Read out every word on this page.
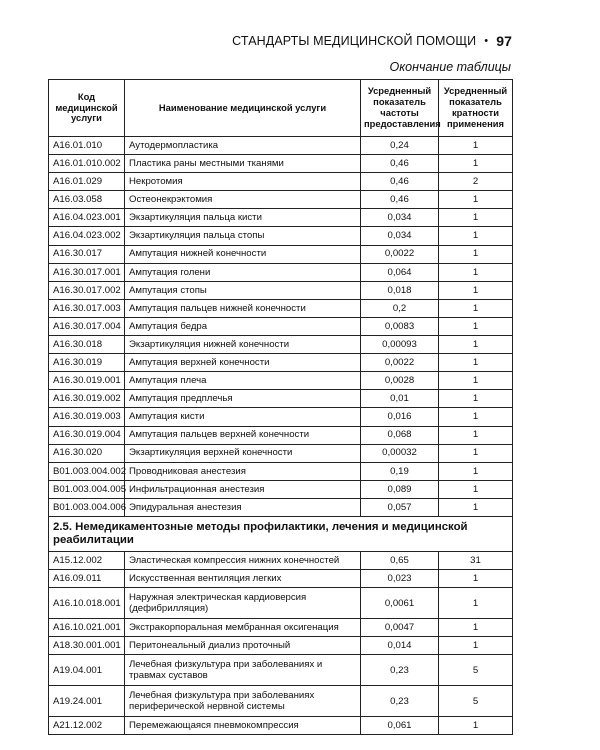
СТАНДАРТЫ МЕДИЦИНСКОЙ ПОМОЩИ • 97
Окончание таблицы
Код медицинской услуги	Наименование медицинской услуги	Усредненный показатель частоты предоставления	Усредненный показатель кратности применения
A16.01.010	Аутодермопластика	0,24	1
A16.01.010.002	Пластика раны местными тканями	0,46	1
A16.01.029	Некротомия	0,46	2
A16.03.058	Остеонекрэктомия	0,46	1
A16.04.023.001	Экзартикуляция пальца кисти	0,034	1
A16.04.023.002	Экзартикуляция пальца стопы	0,034	1
A16.30.017	Ампутация нижней конечности	0,0022	1
A16.30.017.001	Ампутация голени	0,064	1
A16.30.017.002	Ампутация стопы	0,018	1
A16.30.017.003	Ампутация пальцев нижней конечности	0,2	1
A16.30.017.004	Ампутация бедра	0,0083	1
A16.30.018	Экзартикуляция нижней конечности	0,00093	1
A16.30.019	Ампутация верхней конечности	0,0022	1
A16.30.019.001	Ампутация плеча	0,0028	1
A16.30.019.002	Ампутация предплечья	0,01	1
A16.30.019.003	Ампутация кисти	0,016	1
A16.30.019.004	Ампутация пальцев верхней конечности	0,068	1
A16.30.020	Экзартикуляция верхней конечности	0,00032	1
B01.003.004.002	Проводниковая анестезия	0,19	1
B01.003.004.005	Инфильтрационная анестезия	0,089	1
B01.003.004.006	Эпидуральная анестезия	0,057	1
2.5. Немедикаментозные методы профилактики, лечения и медицинской реабилитации			
A15.12.002	Эластическая компрессия нижних конечностей	0,65	31
A16.09.011	Искусственная вентиляция легких	0,023	1
A16.10.018.001	Наружная электрическая кардиоверсия (дефибрилляция)	0,0061	1
A16.10.021.001	Экстракорпоральная мембранная оксигенация	0,0047	1
A18.30.001.001	Перитонеальный диализ проточный	0,014	1
A19.04.001	Лечебная физкультура при заболеваниях и травмах суставов	0,23	5
A19.24.001	Лечебная физкультура при заболеваниях периферической нервной системы	0,23	5
A21.12.002	Перемежающаяся пневмокомпрессия	0,061	1
